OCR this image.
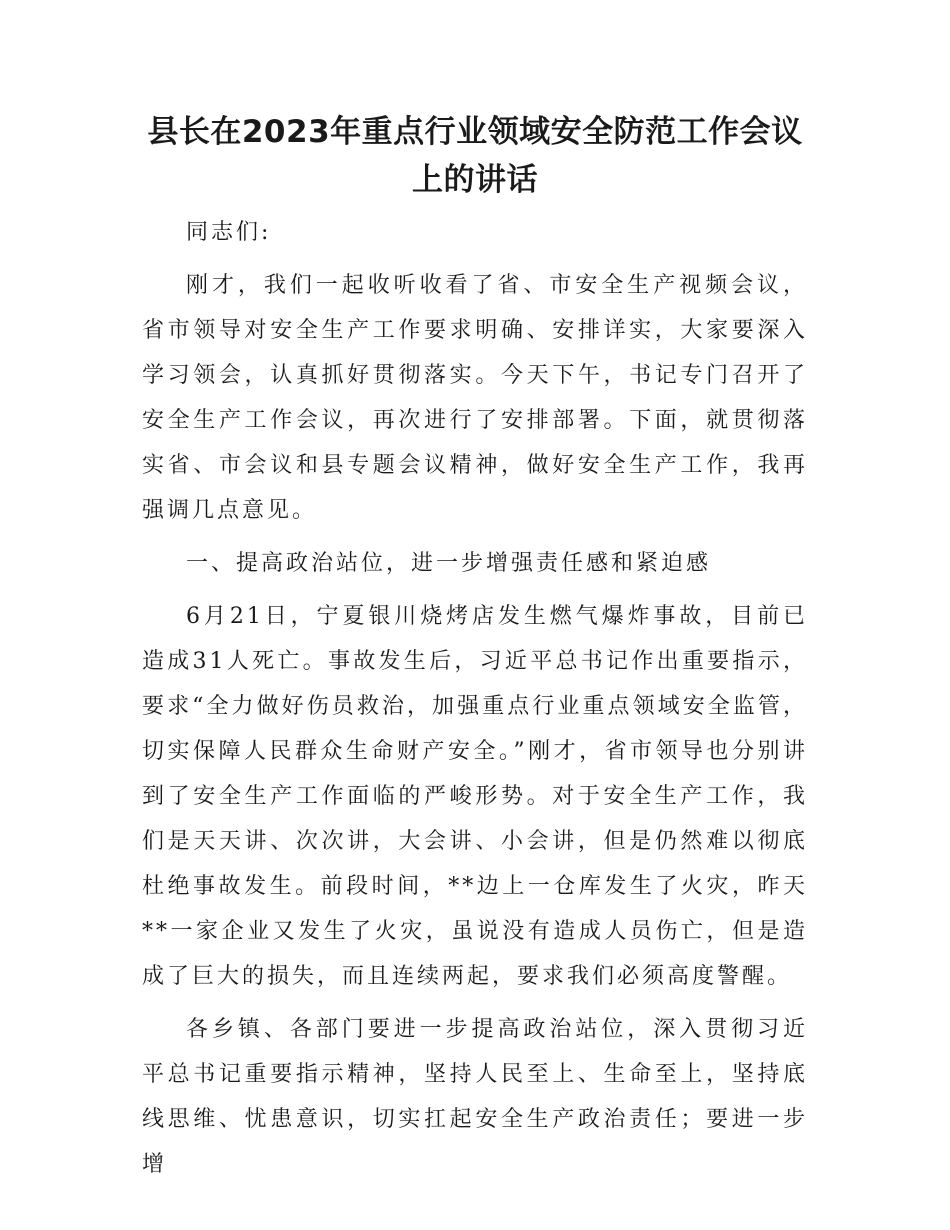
县长在2023年重点行业领域安全防范工作会议上的讲话

同志们:

刚才，我们一起收听收看了省、市安全生产视频会议，省市领导对安全生产工作要求明确、安排详实，大家要深入学习领会，认真抓好贯彻落实。今天下午，书记专门召开了安全生产工作会议，再次进行了安排部署。下面，就贯彻落实省、市会议和县专题会议精神，做好安全生产工作，我再强调几点意见。

一、提高政治站位，进一步增强责任感和紧迫感

6月21日，宁夏银川烧烤店发生燃气爆炸事故，目前已造成31人死亡。事故发生后，习近平总书记作出重要指示，要求“全力做好伤员救治，加强重点行业重点领域安全监管，切实保障人民群众生命财产安全。”刚才，省市领导也分别讲到了安全生产工作面临的严峻形势。对于安全生产工作，我们是天天讲、次次讲，大会讲、小会讲，但是仍然难以彻底杜绝事故发生。前段时间，**边上一仓库发生了火灾，昨天**一家企业又发生了火灾，虽说没有造成人员伤亡，但是造成了巨大的损失，而且连续两起，要求我们必须高度警醒。

各乡镇、各部门要进一步提高政治站位，深入贯彻习近平总书记重要指示精神，坚持人民至上、生命至上，坚持底线思维、忧患意识，切实扛起安全生产政治责任；要进一步增
